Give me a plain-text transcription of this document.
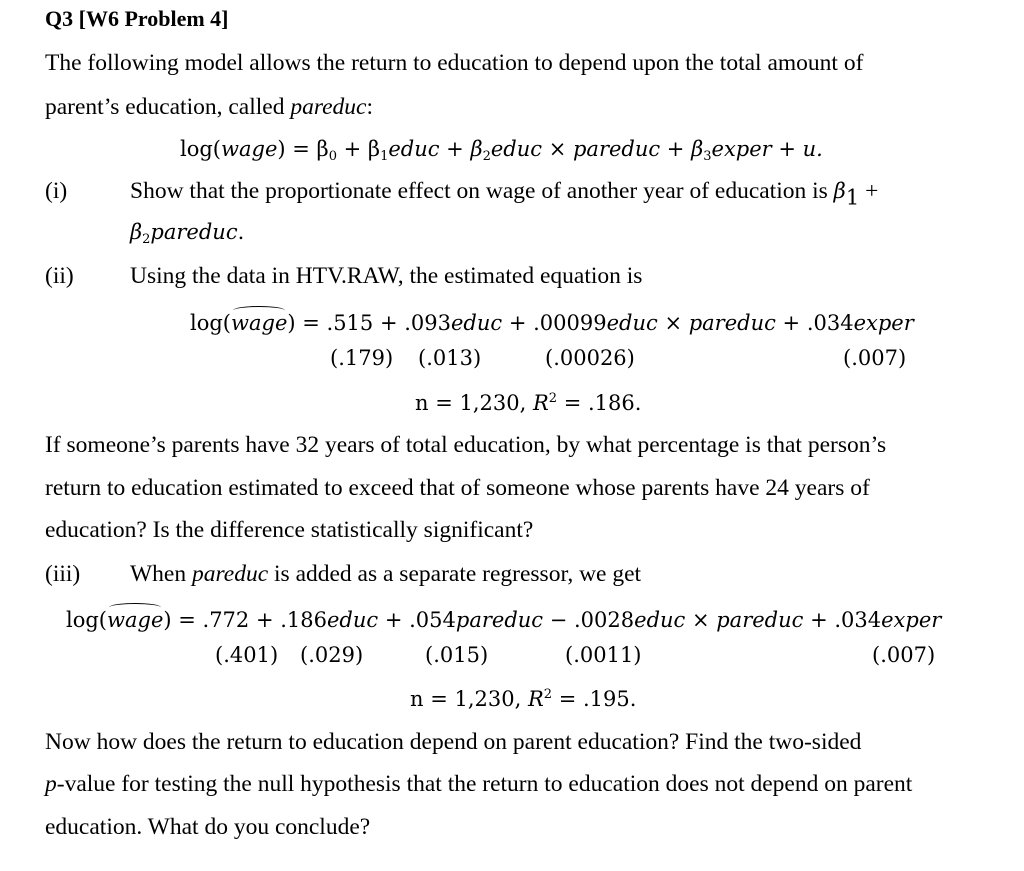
Q3 [W6 Problem 4]
The following model allows the return to education to depend upon the total amount of
parent’s education, called pareduc:
log(wage) = $\beta_0$ + $\beta_1educ$ + $\beta_2educ$ × pareduc + $\beta_3exper + u$.
(i)	Show that the proportionate effect on wage of another year of education is $\beta_1$ +
$\beta_2pareduc$.
(ii) Using the data in HTV.RAW, the estimated equation is
log(wage) = .515 + .093educ + .00099educ × pareduc + .034exper
(.179) (.013)	(.00026)	(.007)
n = 1,230, $R^2 = .186$.
If someone’s parents have 32 years of total education, by what percentage is that person’s
return to education estimated to exceed that of someone whose parents have 24 years of
education? Is the difference statistically significant?
(iii) When pareduc is added as a separate regressor, we get
log(wage) = .772 + .186educ + .054pareduc − .0028educ × pareduc + .034exper
(.401) (.029)	(.015)	(.0011)	(.007)
n = 1,230, $R^2 = .195$.
Now how does the return to education depend on parent education? Find the two-sided
p-value for testing the null hypothesis that the return to education does not depend on parent
education. What do you conclude?
